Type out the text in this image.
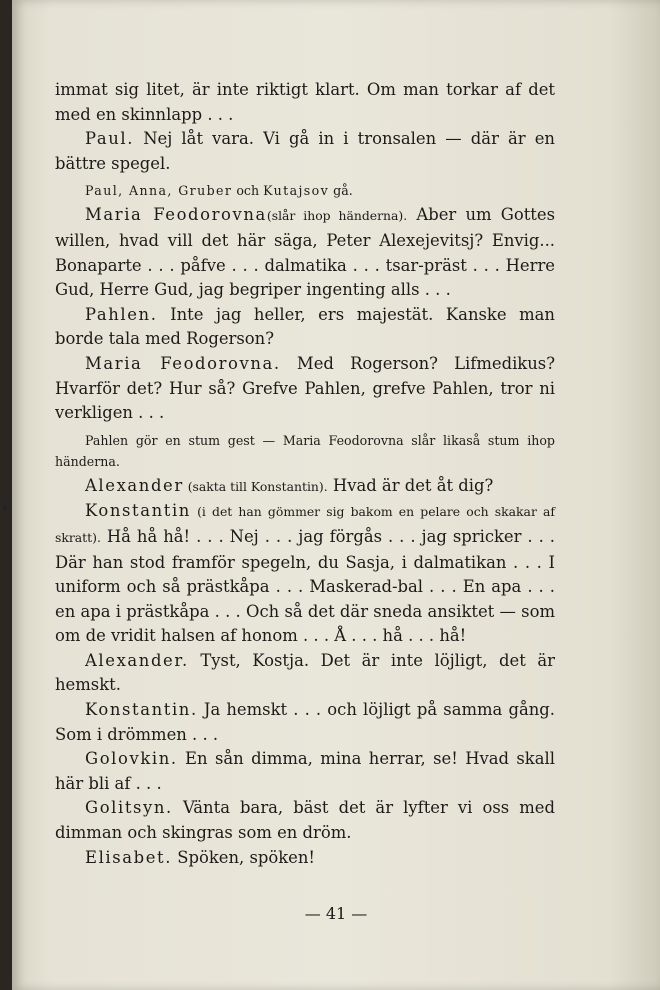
immat sig litet, är inte riktigt klart. Om man torkar af det med en skinnlapp . . .

Paul. Nej låt vara. Vi gå in i tronsalen — där är en bättre spegel.

Paul, Anna, Gruber och Kutajsov gå.

Maria Feodorovna(slår ihop händerna). Aber um Gottes willen, hvad vill det här säga, Peter Alexejevitsj? Envig... Bonaparte . . . påfve . . . dalmatika . . . tsar-präst . . . Herre Gud, Herre Gud, jag begriper ingenting alls . . .

Pahlen. Inte jag heller, ers majestät. Kanske man borde tala med Rogerson?

Maria Feodorovna. Med Rogerson? Lifmedikus? Hvarför det? Hur så? Grefve Pahlen, grefve Pahlen, tror ni verkligen . . .

Pahlen gör en stum gest — Maria Feodorovna slår likaså stum ihop händerna.

Alexander (sakta till Konstantin). Hvad är det åt dig?

Konstantin (i det han gömmer sig bakom en pelare och skakar af skratt). Hå hå hå! . . . Nej . . . jag förgås . . . jag spricker . . . Där han stod framför spegeln, du Sasja, i dalmatikan . . . I uniform och så prästkåpa . . . Maskerad-bal . . . En apa . . . en apa i prästkåpa . . . Och så det där sneda ansiktet — som om de vridit halsen af honom . . . Å . . . hå . . . hå!

Alexander. Tyst, Kostja. Det är inte löjligt, det är hemskt.

Konstantin. Ja hemskt . . . och löjligt på samma gång. Som i drömmen . . .

Golovkin. En sån dimma, mina herrar, se! Hvad skall här bli af . . .

Golitsyn. Vänta bara, bäst det är lyfter vi oss med dimman och skingras som en dröm.

Elisabet. Spöken, spöken!

— 41 —
